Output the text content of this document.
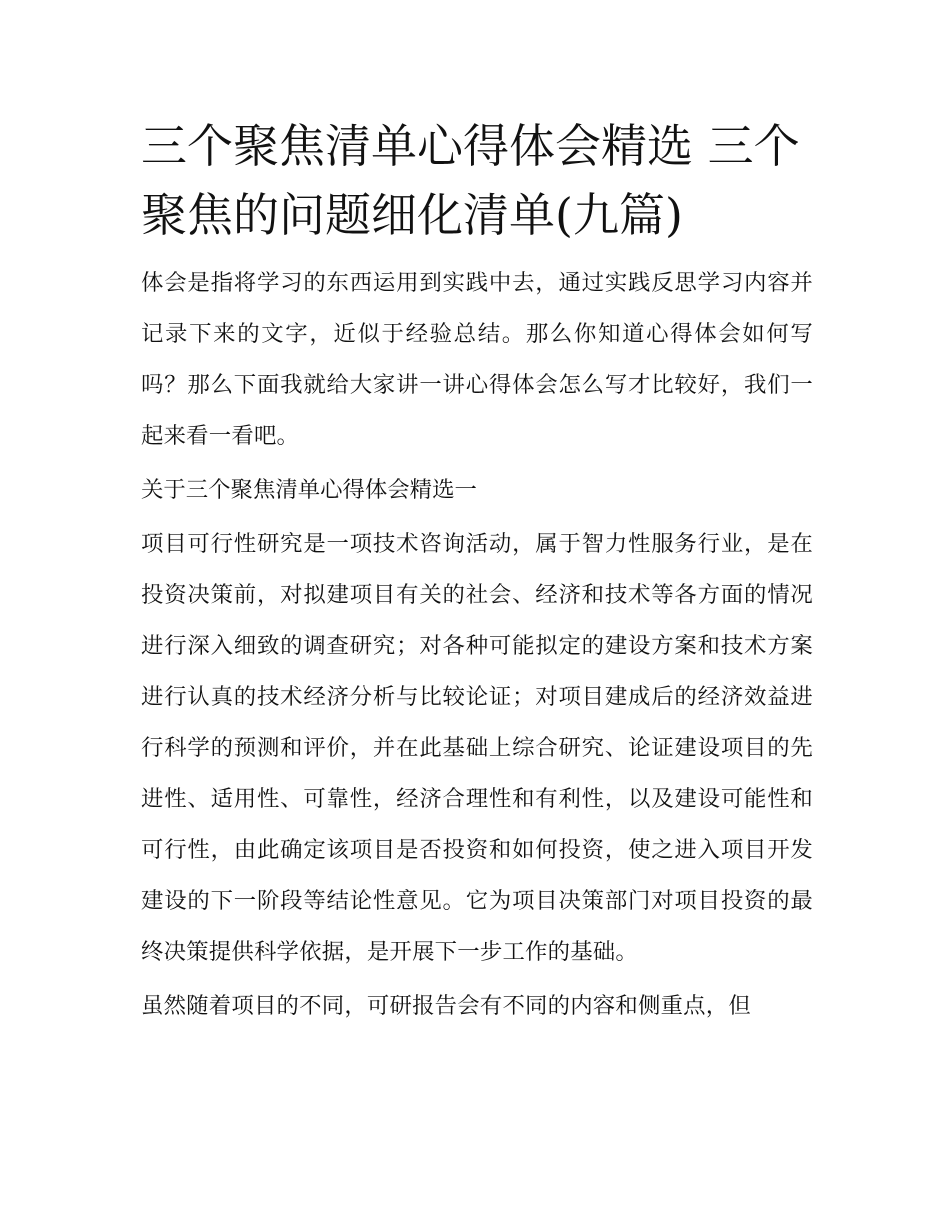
三个聚焦清单心得体会精选 三个聚焦的问题细化清单(九篇)

体会是指将学习的东西运用到实践中去，通过实践反思学习内容并记录下来的文字，近似于经验总结。那么你知道心得体会如何写吗？那么下面我就给大家讲一讲心得体会怎么写才比较好，我们一起来看一看吧。

关于三个聚焦清单心得体会精选一

项目可行性研究是一项技术咨询活动，属于智力性服务行业，是在投资决策前，对拟建项目有关的社会、经济和技术等各方面的情况进行深入细致的调查研究；对各种可能拟定的建设方案和技术方案进行认真的技术经济分析与比较论证；对项目建成后的经济效益进行科学的预测和评价，并在此基础上综合研究、论证建设项目的先进性、适用性、可靠性，经济合理性和有利性，以及建设可能性和可行性，由此确定该项目是否投资和如何投资，使之进入项目开发建设的下一阶段等结论性意见。它为项目决策部门对项目投资的最终决策提供科学依据，是开展下一步工作的基础。

虽然随着项目的不同，可研报告会有不同的内容和侧重点，但
